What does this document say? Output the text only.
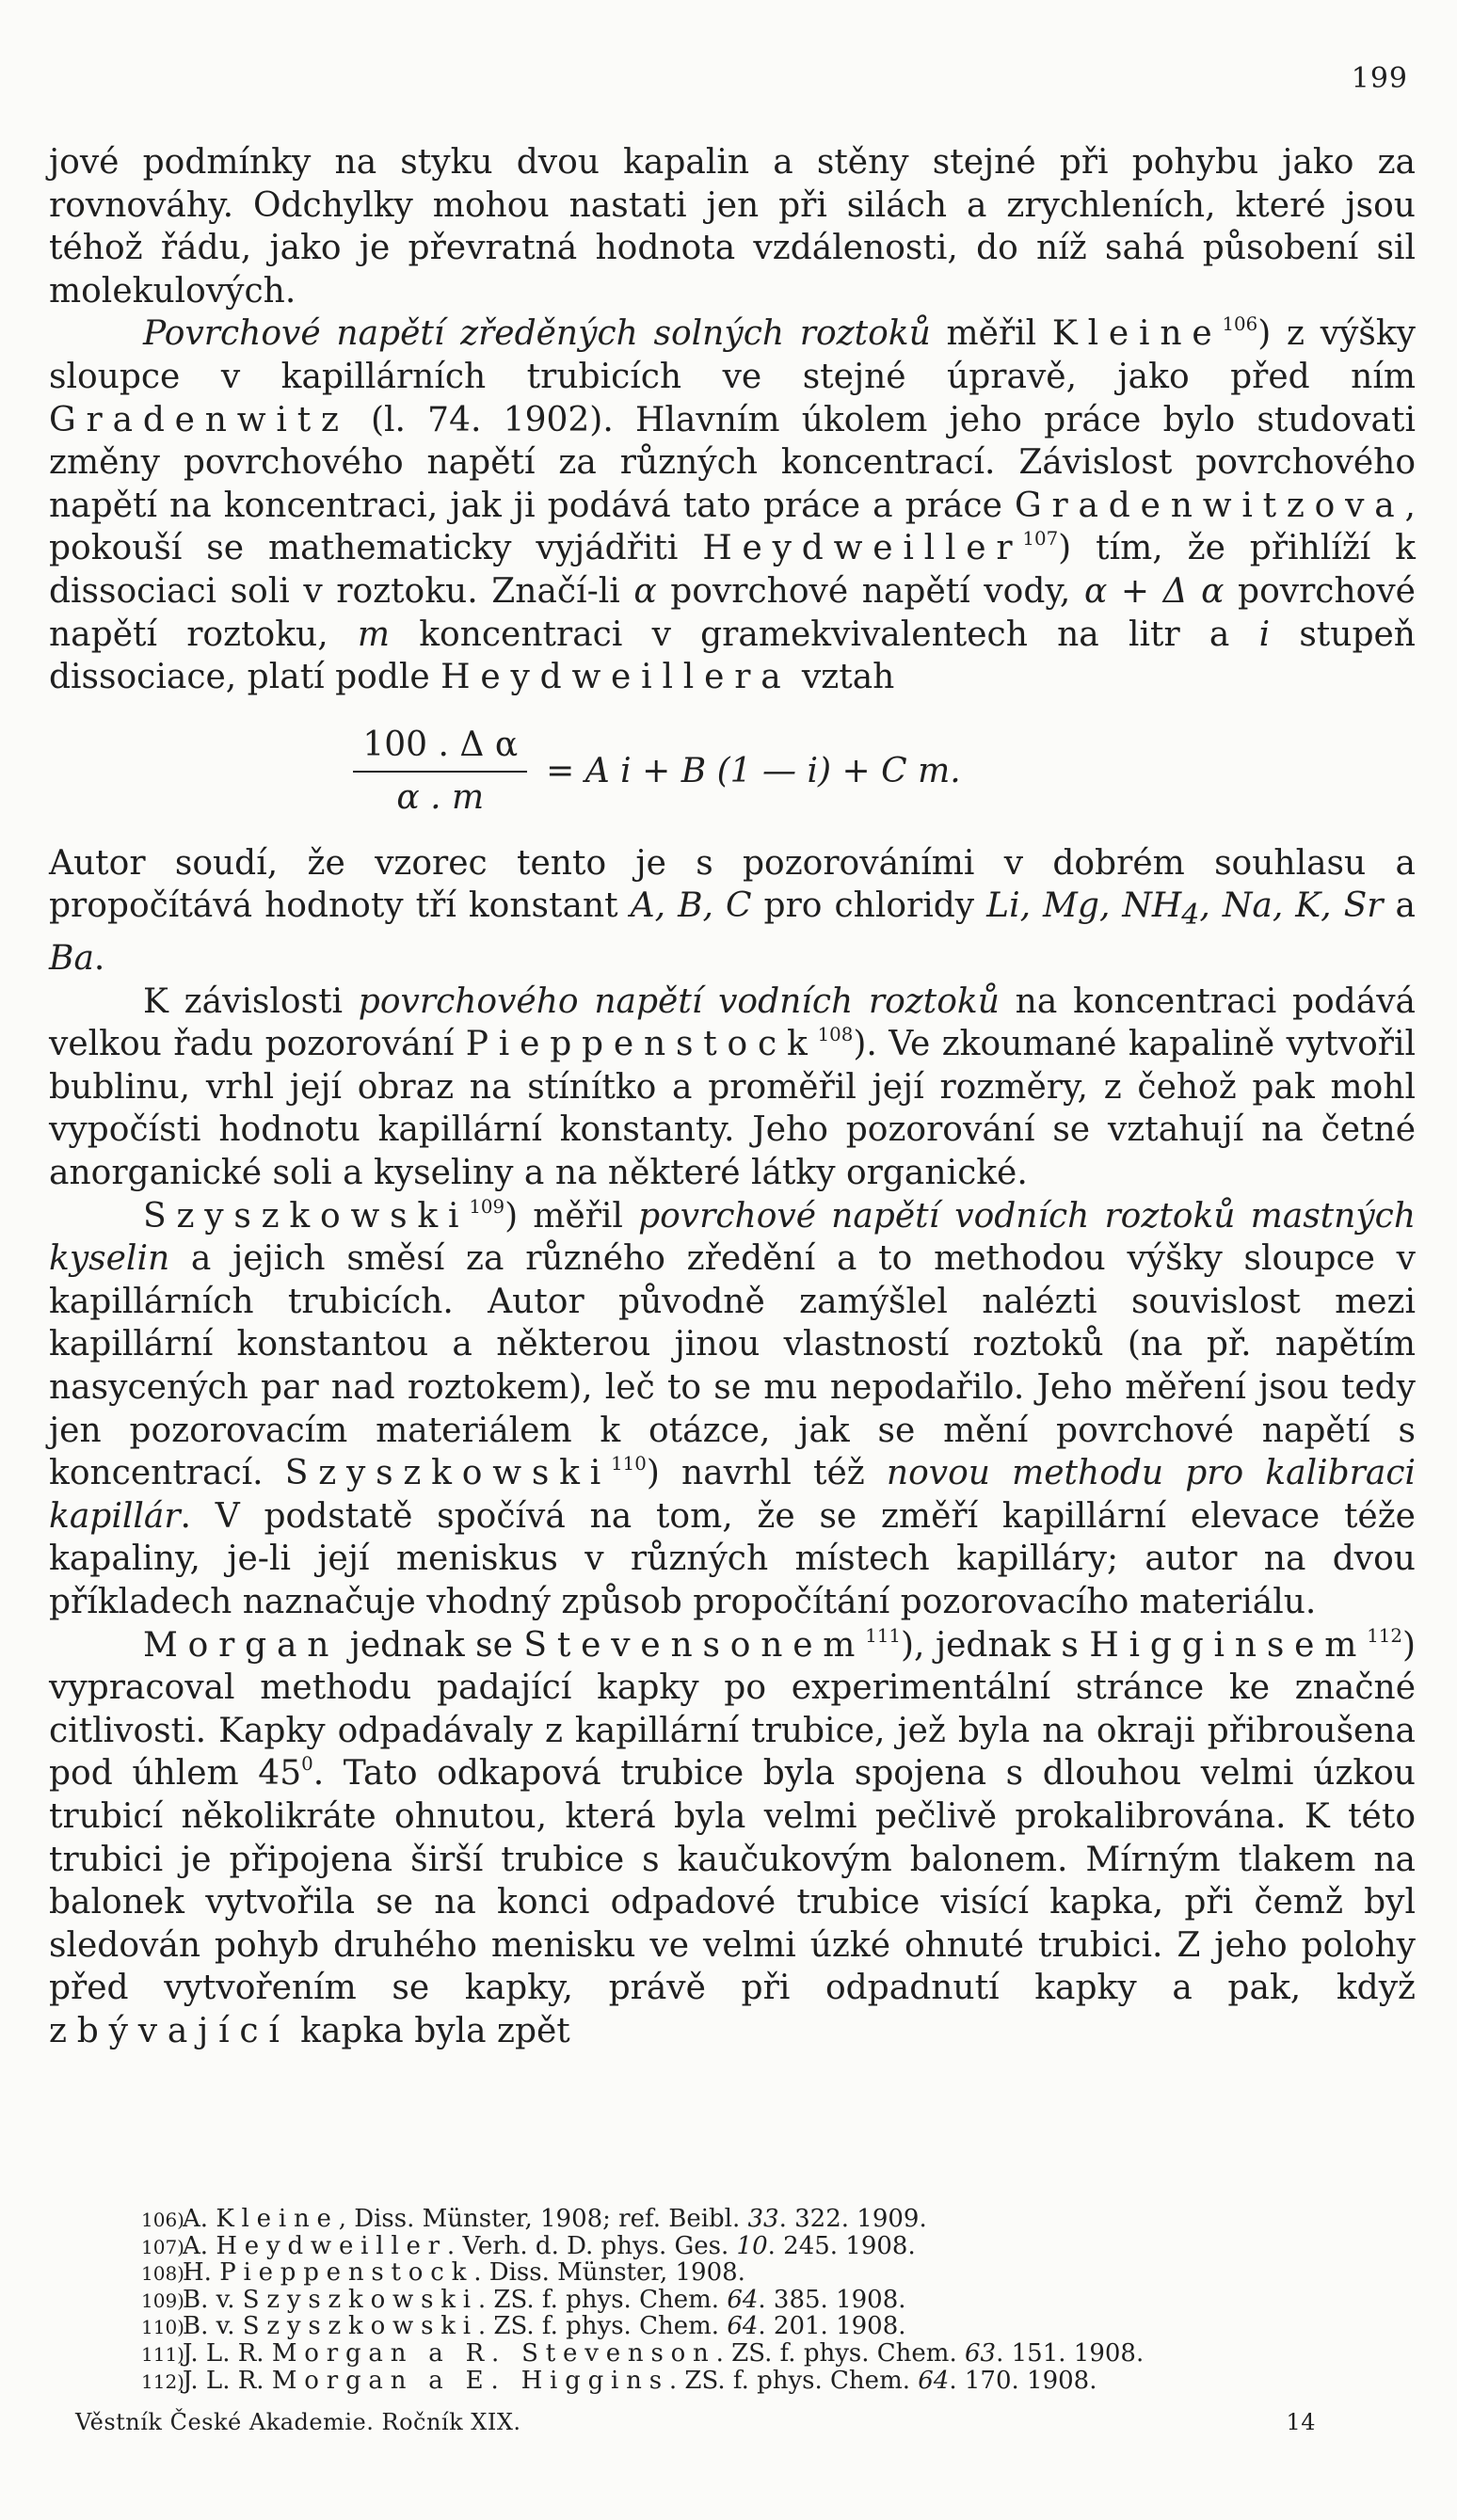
199

jové podmínky na styku dvou kapalin a stěny stejné při pohybu jako za rovnováhy. Odchylky mohou nastati jen při silách a zrychleních, které jsou téhož řádu, jako je převratná hodnota vzdálenosti, do níž sahá působení sil molekulových.

Povrchové napětí zředěných solných roztoků měřil Kleine$^{106}$) z výšky sloupce v kapillárních trubicích ve stejné úpravě, jako před ním Gradenwitz (l. 74. 1902). Hlavním úkolem jeho práce bylo studovati změny povrchového napětí za různých koncentrací. Závislost povrchového napětí na koncentraci, jak ji podává tato práce a práce Gradenwitzova, pokouší se mathematicky vyjádřiti Heydweiller$^{107}$) tím, že přihlíží k dissociaci soli v roztoku. Značí-li α povrchové napětí vody, α + Δ α povrchové napětí roztoku, m koncentraci v gramekvivalentech na litr a i stupeň dissociace, platí podle Heydweillera vztah

$\frac{\text{100 . Δ α}}{\alpha . m} = A$ i + B (1 — i) + C m.

Autor soudí, že vzorec tento je s pozorováními v dobrém souhlasu a propočítává hodnoty tří konstant A, B, C pro chloridy Li, Mg, $NH_4$, Na, K, Sr a Ba.

K závislosti povrchového napětí vodních roztoků na koncentraci podává velkou řadu pozorování Pieppenstock$^{108}$). Ve zkoumané kapalině vytvořil bublinu, vrhl její obraz na stínítko a proměřil její rozměry, z čehož pak mohl vypočísti hodnotu kapillární konstanty. Jeho pozorování se vztahují na četné anorganické soli a kyseliny a na některé látky organické.

Szyszkowski$^{109}$) měřil povrchové napětí vodních roztoků mastných kyselin a jejich směsí za různého zředění a to methodou výšky sloupce v kapillárních trubicích. Autor původně zamýšlel nalézti souvislost mezi kapillární konstantou a některou jinou vlastností roztoků (na př. napětím nasycených par nad roztokem), leč to se mu nepodařilo. Jeho měření jsou tedy jen pozorovacím materiálem k otázce, jak se mění povrchové napětí s koncentrací. Szyszkowski$^{110}$) navrhl též novou methodu pro kalibraci kapillár. V podstatě spočívá na tom, že se změří kapillární elevace téže kapaliny, je-li její meniskus v různých místech kapilláry; autor na dvou příkladech naznačuje vhodný způsob propočítání pozorovacího materiálu.

Morgan jednak se Stevensonem$^{111}$), jednak s Higginsem$^{112}$) vypracoval methodu padající kapky po experimentální stránce ke značné citlivosti. Kapky odpadávaly z kapillární trubice, jež byla na okraji přibroušena pod úhlem $45^0$. Tato odkapová trubice byla spojena s dlouhou velmi úzkou trubicí několikráte ohnutou, která byla velmi pečlivě prokalibrována. K této trubici je připojena širší trubice s kaučukovým balonem. Mírným tlakem na balonek vytvořila se na konci odpadové trubice visící kapka, při čemž byl sledován pohyb druhého menisku ve velmi úzké ohnuté trubici. Z jeho polohy před vytvořením se kapky, právě při odpadnutí kapky a pak, když zbývající kapka byla zpět

106)A. Kleine, Diss. Münster, 1908; ref. Beibl. 33. 322. 1909.
107)A. Heydweiller. Verh. d. D. phys. Ges. 10. 245. 1908.
108)H. Pieppenstock. Diss. Münster, 1908.
109)B. v. Szyszkowski. ZS. f. phys. Chem. 64. 385. 1908.
110)B. v. Szyszkowski. ZS. f. phys. Chem. 64. 201. 1908.
111)J. L. R. Morgan a R. Stevenson. ZS. f. phys. Chem. 63. 151. 1908.
112)J. L. R. Morgan a E. Higgins. ZS. f. phys. Chem. 64. 170. 1908.
Věstník České Akademie. Ročník XIX.	14
